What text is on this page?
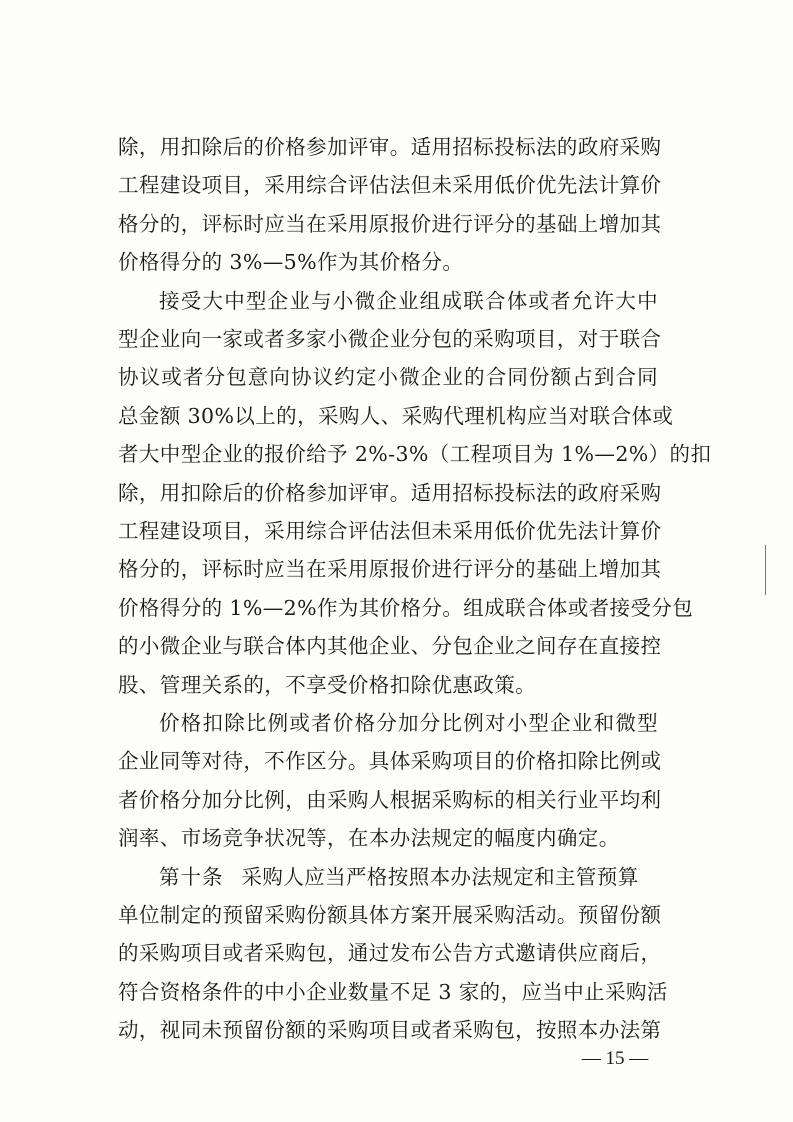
除，用扣除后的价格参加评审。适用招标投标法的政府采购
工程建设项目，采用综合评估法但未采用低价优先法计算价
格分的，评标时应当在采用原报价进行评分的基础上增加其
价格得分的 3%—5%作为其价格分。
接受大中型企业与小微企业组成联合体或者允许大中
型企业向一家或者多家小微企业分包的采购项目，对于联合
协议或者分包意向协议约定小微企业的合同份额占到合同
总金额 30%以上的，采购人、采购代理机构应当对联合体或
者大中型企业的报价给予 2%-3%（工程项目为 1%—2%）的扣
除，用扣除后的价格参加评审。适用招标投标法的政府采购
工程建设项目，采用综合评估法但未采用低价优先法计算价
格分的，评标时应当在采用原报价进行评分的基础上增加其
价格得分的 1%—2%作为其价格分。组成联合体或者接受分包
的小微企业与联合体内其他企业、分包企业之间存在直接控
股、管理关系的，不享受价格扣除优惠政策。
价格扣除比例或者价格分加分比例对小型企业和微型
企业同等对待，不作区分。具体采购项目的价格扣除比例或
者价格分加分比例，由采购人根据采购标的相关行业平均利
润率、市场竞争状况等，在本办法规定的幅度内确定。
第十条 采购人应当严格按照本办法规定和主管预算
单位制定的预留采购份额具体方案开展采购活动。预留份额
的采购项目或者采购包，通过发布公告方式邀请供应商后，
符合资格条件的中小企业数量不足 3 家的，应当中止采购活
动，视同未预留份额的采购项目或者采购包，按照本办法第
— 15 —
